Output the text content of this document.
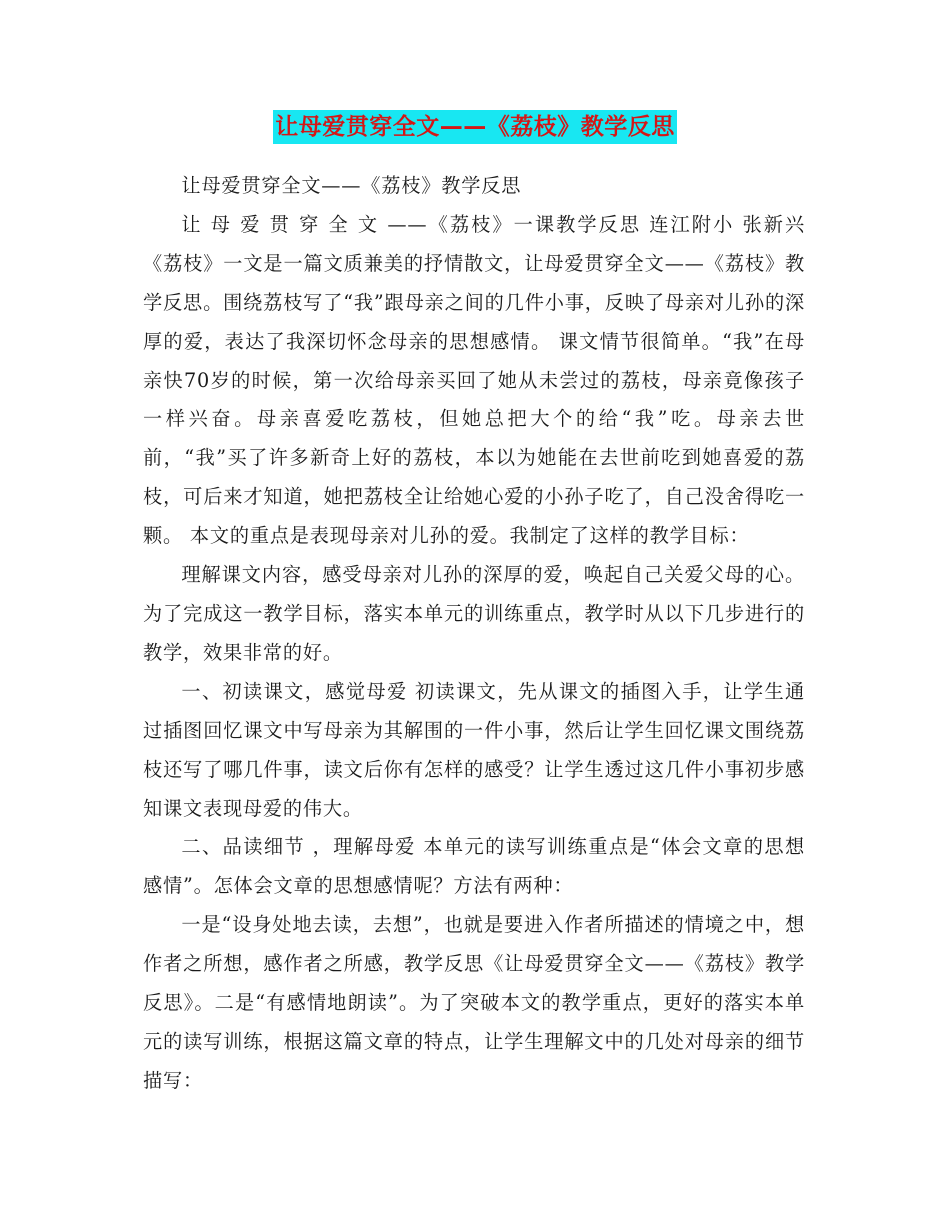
让母爱贯穿全文——《荔枝》教学反思

让母爱贯穿全文——《荔枝》教学反思

让 母 爱 贯 穿 全 文 ——《荔枝》一课教学反思 连江附小 张新兴 《荔枝》一文是一篇文质兼美的抒情散文，让母爱贯穿全文——《荔枝》教学反思。围绕荔枝写了“我”跟母亲之间的几件小事，反映了母亲对儿孙的深厚的爱，表达了我深切怀念母亲的思想感情。 课文情节很简单。“我”在母亲快70岁的时候，第一次给母亲买回了她从未尝过的荔枝，母亲竟像孩子一样兴奋。母亲喜爱吃荔枝，但她总把大个的给“我”吃。母亲去世前，“我”买了许多新奇上好的荔枝，本以为她能在去世前吃到她喜爱的荔枝，可后来才知道，她把荔枝全让给她心爱的小孙子吃了，自己没舍得吃一颗。 本文的重点是表现母亲对儿孙的爱。我制定了这样的教学目标：

理解课文内容，感受母亲对儿孙的深厚的爱，唤起自己关爱父母的心。 为了完成这一教学目标，落实本单元的训练重点，教学时从以下几步进行的教学，效果非常的好。

一、初读课文，感觉母爱 初读课文，先从课文的插图入手，让学生通过插图回忆课文中写母亲为其解围的一件小事，然后让学生回忆课文围绕荔枝还写了哪几件事，读文后你有怎样的感受？让学生透过这几件小事初步感知课文表现母爱的伟大。

二、品读细节 ，理解母爱 本单元的读写训练重点是“体会文章的思想感情”。怎体会文章的思想感情呢？方法有两种：

一是“设身处地去读，去想”，也就是要进入作者所描述的情境之中，想作者之所想，感作者之所感，教学反思《让母爱贯穿全文——《荔枝》教学反思》。二是“有感情地朗读”。为了突破本文的教学重点，更好的落实本单元的读写训练，根据这篇文章的特点，让学生理解文中的几处对母亲的细节描写：
